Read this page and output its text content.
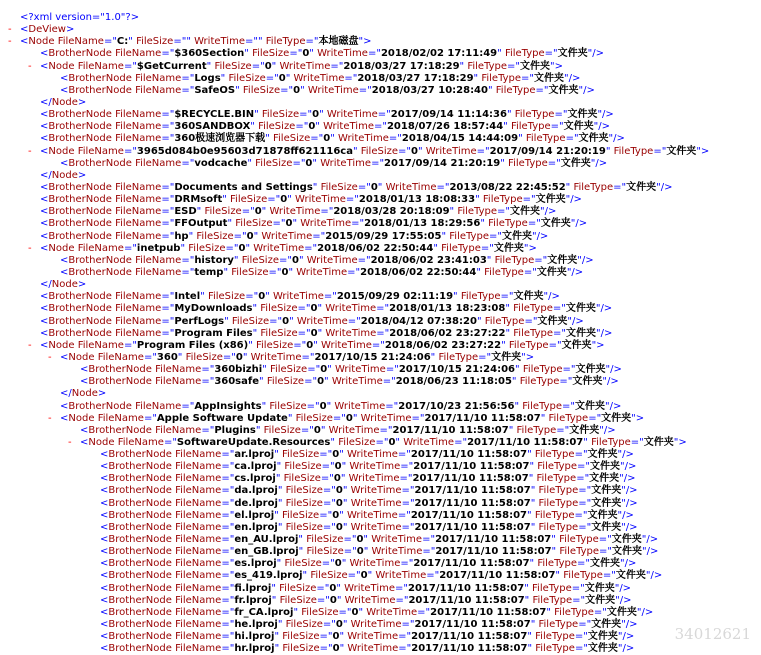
<?xml version="1.0"?>
- <DeView>
- <Node FileName="C:" FileSize="" WriteTime="" FileType="本地磁盘">
<BrotherNode FileName="$360Section" FileSize="0" WriteTime="2018/02/02 17:11:49" FileType="文件夹"/>
- <Node FileName="$GetCurrent" FileSize="0" WriteTime="2018/03/27 17:18:29" FileType="文件夹">
<BrotherNode FileName="Logs" FileSize="0" WriteTime="2018/03/27 17:18:29" FileType="文件夹"/>
<BrotherNode FileName="SafeOS" FileSize="0" WriteTime="2018/03/27 10:28:40" FileType="文件夹"/>
</Node>
<BrotherNode FileName="$RECYCLE.BIN" FileSize="0" WriteTime="2017/09/14 11:14:36" FileType="文件夹"/>
<BrotherNode FileName="360SANDBOX" FileSize="0" WriteTime="2018/07/26 18:57:44" FileType="文件夹"/>
<BrotherNode FileName="360极速浏览器下载" FileSize="0" WriteTime="2018/04/15 14:44:09" FileType="文件夹"/>
- <Node FileName="3965d084b0e95603d71878ff621116ca" FileSize="0" WriteTime="2017/09/14 21:20:19" FileType="文件夹">
<BrotherNode FileName="vodcache" FileSize="0" WriteTime="2017/09/14 21:20:19" FileType="文件夹"/>
</Node>
<BrotherNode FileName="Documents and Settings" FileSize="0" WriteTime="2013/08/22 22:45:52" FileType="文件夹"/>
<BrotherNode FileName="DRMsoft" FileSize="0" WriteTime="2018/01/13 18:08:33" FileType="文件夹"/>
<BrotherNode FileName="ESD" FileSize="0" WriteTime="2018/03/28 20:18:09" FileType="文件夹"/>
<BrotherNode FileName="FFOutput" FileSize="0" WriteTime="2018/01/13 18:29:56" FileType="文件夹"/>
<BrotherNode FileName="hp" FileSize="0" WriteTime="2015/09/29 17:55:05" FileType="文件夹"/>
- <Node FileName="inetpub" FileSize="0" WriteTime="2018/06/02 22:50:44" FileType="文件夹">
<BrotherNode FileName="history" FileSize="0" WriteTime="2018/06/02 23:41:03" FileType="文件夹"/>
<BrotherNode FileName="temp" FileSize="0" WriteTime="2018/06/02 22:50:44" FileType="文件夹"/>
</Node>
<BrotherNode FileName="Intel" FileSize="0" WriteTime="2015/09/29 02:11:19" FileType="文件夹"/>
<BrotherNode FileName="MyDownloads" FileSize="0" WriteTime="2018/01/13 18:23:08" FileType="文件夹"/>
<BrotherNode FileName="PerfLogs" FileSize="0" WriteTime="2018/04/12 07:38:20" FileType="文件夹"/>
<BrotherNode FileName="Program Files" FileSize="0" WriteTime="2018/06/02 23:27:22" FileType="文件夹"/>
- <Node FileName="Program Files (x86)" FileSize="0" WriteTime="2018/06/02 23:27:22" FileType="文件夹">
- <Node FileName="360" FileSize="0" WriteTime="2017/10/15 21:24:06" FileType="文件夹">
<BrotherNode FileName="360bizhi" FileSize="0" WriteTime="2017/10/15 21:24:06" FileType="文件夹"/>
<BrotherNode FileName="360safe" FileSize="0" WriteTime="2018/06/23 11:18:05" FileType="文件夹"/>
</Node>
<BrotherNode FileName="AppInsights" FileSize="0" WriteTime="2017/10/23 21:56:56" FileType="文件夹"/>
- <Node FileName="Apple Software Update" FileSize="0" WriteTime="2017/11/10 11:58:07" FileType="文件夹">
<BrotherNode FileName="Plugins" FileSize="0" WriteTime="2017/11/10 11:58:07" FileType="文件夹"/>
- <Node FileName="SoftwareUpdate.Resources" FileSize="0" WriteTime="2017/11/10 11:58:07" FileType="文件夹">
<BrotherNode FileName="ar.lproj" FileSize="0" WriteTime="2017/11/10 11:58:07" FileType="文件夹"/>
<BrotherNode FileName="ca.lproj" FileSize="0" WriteTime="2017/11/10 11:58:07" FileType="文件夹"/>
<BrotherNode FileName="cs.lproj" FileSize="0" WriteTime="2017/11/10 11:58:07" FileType="文件夹"/>
<BrotherNode FileName="da.lproj" FileSize="0" WriteTime="2017/11/10 11:58:07" FileType="文件夹"/>
<BrotherNode FileName="de.lproj" FileSize="0" WriteTime="2017/11/10 11:58:07" FileType="文件夹"/>
<BrotherNode FileName="el.lproj" FileSize="0" WriteTime="2017/11/10 11:58:07" FileType="文件夹"/>
<BrotherNode FileName="en.lproj" FileSize="0" WriteTime="2017/11/10 11:58:07" FileType="文件夹"/>
<BrotherNode FileName="en_AU.lproj" FileSize="0" WriteTime="2017/11/10 11:58:07" FileType="文件夹"/>
<BrotherNode FileName="en_GB.lproj" FileSize="0" WriteTime="2017/11/10 11:58:07" FileType="文件夹"/>
<BrotherNode FileName="es.lproj" FileSize="0" WriteTime="2017/11/10 11:58:07" FileType="文件夹"/>
<BrotherNode FileName="es_419.lproj" FileSize="0" WriteTime="2017/11/10 11:58:07" FileType="文件夹"/>
<BrotherNode FileName="fi.lproj" FileSize="0" WriteTime="2017/11/10 11:58:07" FileType="文件夹"/>
<BrotherNode FileName="fr.lproj" FileSize="0" WriteTime="2017/11/10 11:58:07" FileType="文件夹"/>
<BrotherNode FileName="fr_CA.lproj" FileSize="0" WriteTime="2017/11/10 11:58:07" FileType="文件夹"/>
<BrotherNode FileName="he.lproj" FileSize="0" WriteTime="2017/11/10 11:58:07" FileType="文件夹"/>
<BrotherNode FileName="hi.lproj" FileSize="0" WriteTime="2017/11/10 11:58:07" FileType="文件夹"/>
<BrotherNode FileName="hr.lproj" FileSize="0" WriteTime="2017/11/10 11:58:07" FileType="文件夹"/>
34012621
